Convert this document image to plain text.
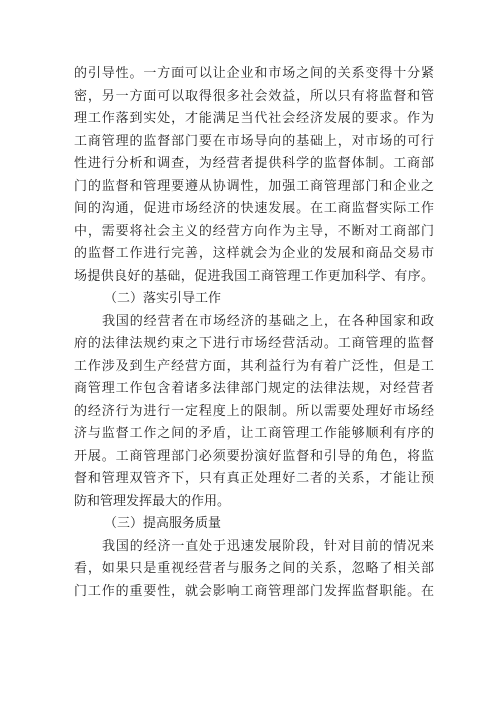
的引导性。一方面可以让企业和市场之间的关系变得十分紧
密，另一方面可以取得很多社会效益，所以只有将监督和管
理工作落到实处，才能满足当代社会经济发展的要求。作为
工商管理的监督部门要在市场导向的基础上，对市场的可行
性进行分析和调查，为经营者提供科学的监督体制。工商部
门的监督和管理要遵从协调性，加强工商管理部门和企业之
间的沟通，促进市场经济的快速发展。在工商监督实际工作
中，需要将社会主义的经营方向作为主导，不断对工商部门
的监督工作进行完善，这样就会为企业的发展和商品交易市
场提供良好的基础，促进我国工商管理工作更加科学、有序。
（二）落实引导工作
我国的经营者在市场经济的基础之上，在各种国家和政
府的法律法规约束之下进行市场经营活动。工商管理的监督
工作涉及到生产经营方面，其利益行为有着广泛性，但是工
商管理工作包含着诸多法律部门规定的法律法规，对经营者
的经济行为进行一定程度上的限制。所以需要处理好市场经
济与监督工作之间的矛盾，让工商管理工作能够顺利有序的
开展。工商管理部门必须要扮演好监督和引导的角色，将监
督和管理双管齐下，只有真正处理好二者的关系，才能让预
防和管理发挥最大的作用。
（三）提高服务质量
我国的经济一直处于迅速发展阶段，针对目前的情况来
看，如果只是重视经营者与服务之间的关系，忽略了相关部
门工作的重要性，就会影响工商管理部门发挥监督职能。在
